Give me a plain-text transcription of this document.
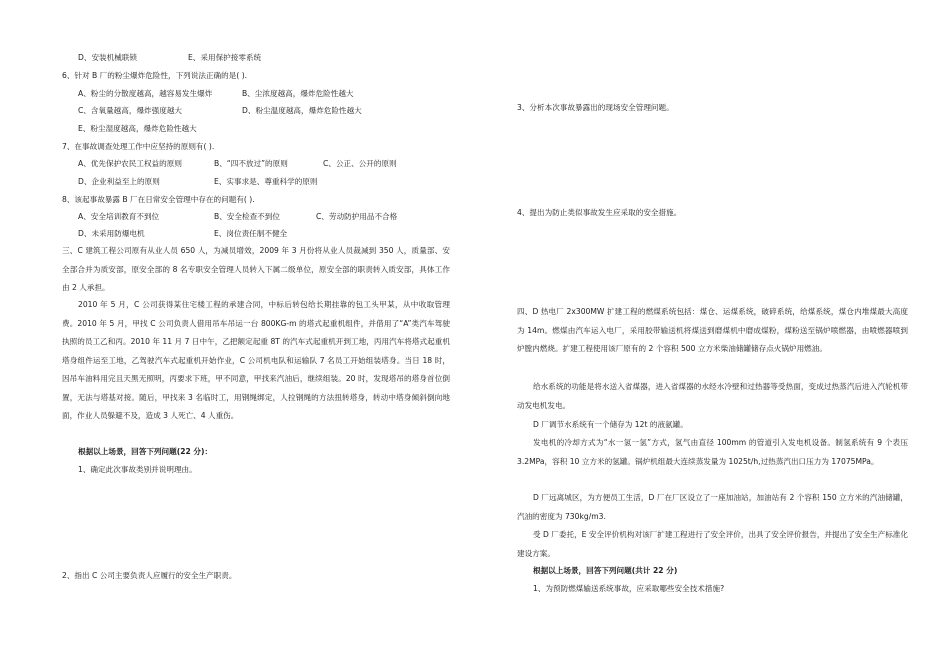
D、安装机械联锁	E、采用保护接零系统
6、针对 B 厂的粉尘爆炸危险性，下列说法正确的是( ).
A、粉尘的分散度越高，越容易发生爆炸	B、尘浓度越高，爆炸危险性越大
C、含氧量越高，爆炸强度越大	D、粉尘温度越高，爆炸危险性越大
E、粉尘湿度越高，爆炸危险性越大
7、在事故调查处理工作中应坚持的原则有( ).
A、优先保护农民工权益的原则	B、“四不放过”的原则	C、公正、公开的原则
D、企业利益至上的原则	E、实事求是、尊重科学的原则
8、该起事故暴露 B 厂在日常安全管理中存在的问题有( ).
A、安全培训教育不到位	B、安全检查不到位	C、劳动防护用品不合格
D、未采用防爆电机	E、岗位责任制不健全
三、C 建筑工程公司原有从业人员 650 人，为减员增效，2009 年 3 月份将从业人员裁减到 350 人，质量部、安全部合并为质安部，原安全部的 8 名专职安全管理人员转入下属二级单位，原安全部的职责转入质安部，具体工作由 2 人承担。
2010 年 5 月，C 公司获得某住宅楼工程的承建合同，中标后转包给长期挂靠的包工头甲某，从中收取管理费。2010 年 5 月，甲找 C 公司负责人借用吊车吊运一台 800KG-m 的塔式起重机组件，并借用了“A”类汽车驾驶执照的员工乙和丙。2010 年 11 月 7 日中午，乙把额定起重 8T 的汽车式起重机开到工地，丙用汽车将塔式起重机塔身组件运至工地，乙驾驶汽车式起重机开始作业，C 公司机电队和运输队 7 名员工开始组装塔身。当日 18 时，因吊车油料用完且天黑无照明，丙要求下班，甲不同意，甲找来汽油后，继续组装。20 时，发现塔吊的塔身首位倒置，无法与塔基对接。随后，甲找来 3 名临时工，用钢绳绑定，人拉钢绳的方法扭转塔身，转动中塔身倾斜倒向地面，作业人员躲避不及，造成 3 人死亡、4 人重伤。
根据以上场景，回答下列问题(22 分)：
1、确定此次事故类别并说明理由。
2、指出 C 公司主要负责人应履行的安全生产职责。
3、分析本次事故暴露出的现场安全管理问题。
4、提出为防止类似事故发生应采取的安全措施。
四、D 热电厂 2x300MW 扩建工程的燃煤系统包括：煤仓、运煤系统，破碎系统，给煤系统，煤仓内堆煤最大高度为 14m。燃煤由汽车运入电厂，采用胶带输送机将煤送到磨煤机中磨成煤粉，煤粉送至锅炉喷燃器，由喷燃器喷到炉膛内燃烧。扩建工程使用该厂原有的 2 个容积 500 立方米柴油储罐储存点火锅炉用燃油。
给水系统的功能是将水送入省煤器，进入省煤器的水经水冷壁和过热器等受热面，变成过热蒸汽后进入汽轮机带动发电机发电。
D 厂调节水系统有一个储存为 12t 的液氨罐。
发电机的冷却方式为“水一氢一氢”方式，氢气由直径 100mm 的管道引入发电机设备。制氢系统有 9 个表压 3.2MPa，容积 10 立方米的氢罐。锅炉机组最大连续蒸发量为 1025t/h,过热蒸汽出口压力为 17075MPa。
D 厂远离城区，为方便员工生活，D 厂在厂区设立了一座加油站，加油站有 2 个容积 150 立方米的汽油储罐，汽油的密度为 730kg/m3.
受 D 厂委托，E 安全评价机构对该厂扩建工程进行了安全评价，出具了安全评价报告，并提出了安全生产标准化建设方案。
根据以上场景，回答下列问题(共计 22 分)
1、为预防燃煤输送系统事故，应采取哪些安全技术措施?
